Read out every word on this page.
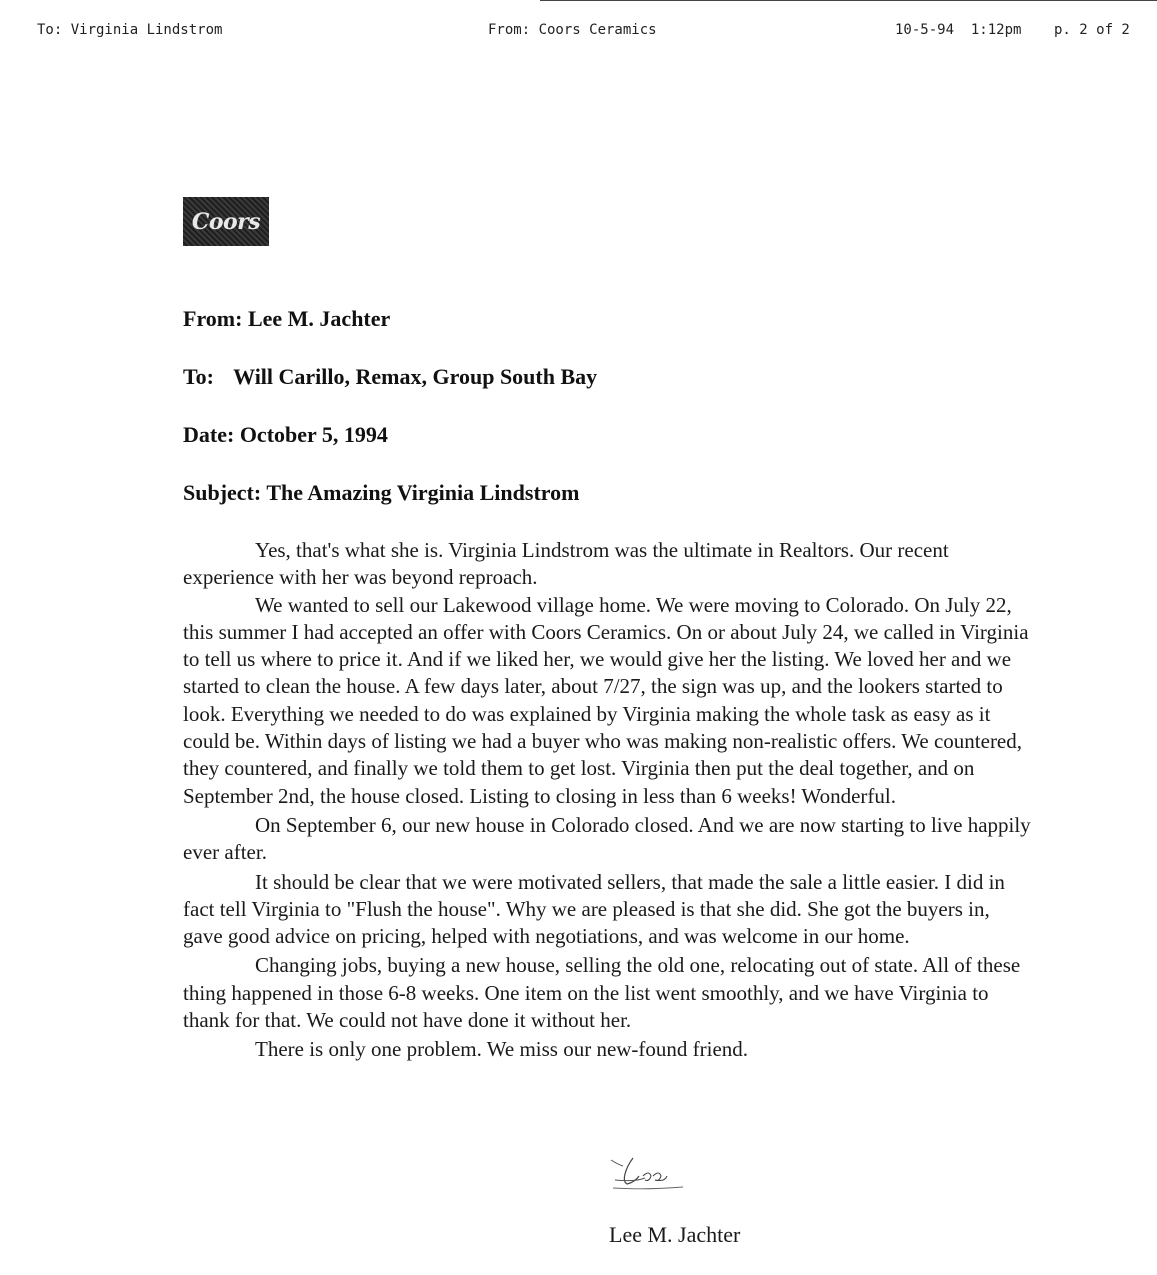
To: Virginia Lindstrom	From: Coors Ceramics	10-5-94  1:12pm p. 2 of 2
Coors
From: Lee M. Jachter
To: Will Carillo, Remax, Group South Bay
Date: October 5, 1994
Subject: The Amazing Virginia Lindstrom

Yes, that's what she is. Virginia Lindstrom was the ultimate in Realtors. Our recent experience with her was beyond reproach.

We wanted to sell our Lakewood village home. We were moving to Colorado. On July 22, this summer I had accepted an offer with Coors Ceramics. On or about July 24, we called in Virginia to tell us where to price it. And if we liked her, we would give her the listing. We loved her and we started to clean the house. A few days later, about 7/27, the sign was up, and the lookers started to look. Everything we needed to do was explained by Virginia making the whole task as easy as it could be. Within days of listing we had a buyer who was making non-realistic offers. We countered, they countered, and finally we told them to get lost. Virginia then put the deal together, and on September 2nd, the house closed. Listing to closing in less than 6 weeks! Wonderful.

On September 6, our new house in Colorado closed. And we are now starting to live happily ever after.

It should be clear that we were motivated sellers, that made the sale a little easier. I did in fact tell Virginia to "Flush the house". Why we are pleased is that she did. She got the buyers in, gave good advice on pricing, helped with negotiations, and was welcome in our home.

Changing jobs, buying a new house, selling the old one, relocating out of state. All of these thing happened in those 6-8 weeks. One item on the list went smoothly, and we have Virginia to thank for that. We could not have done it without her.

There is only one problem. We miss our new-found friend.

Lee M. Jachter
